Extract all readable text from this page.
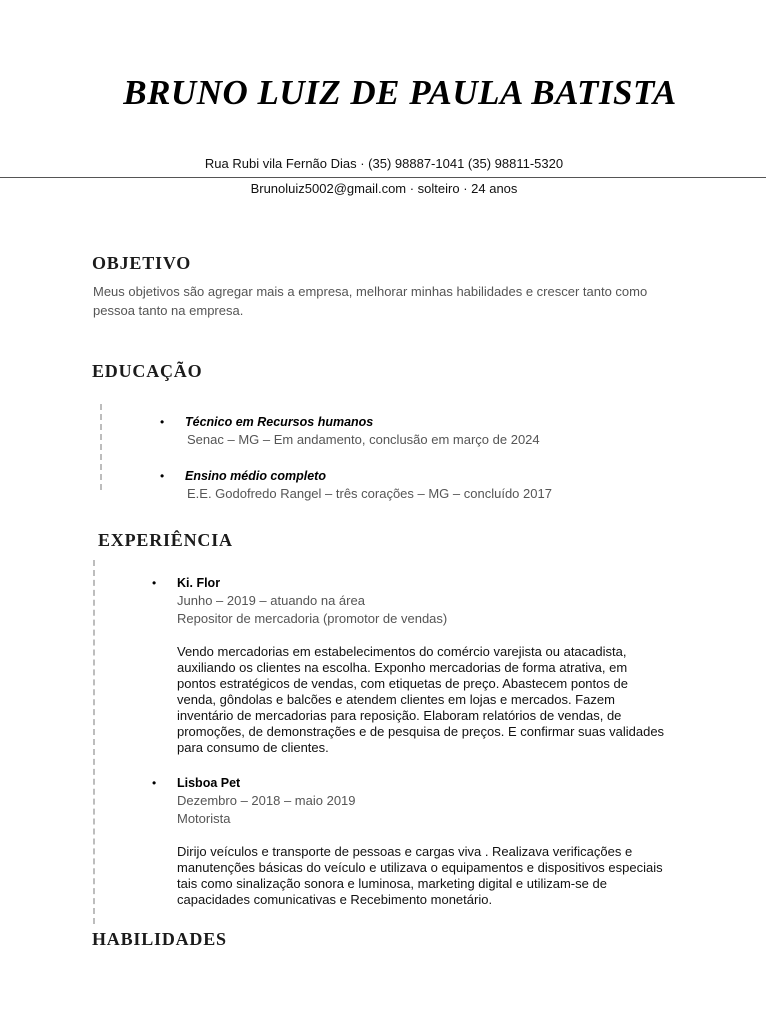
BRUNO LUIZ DE PAULA BATISTA
Rua Rubi vila Fernão Dias · (35) 98887-1041 (35) 98811-5320
Brunoluiz5002@gmail.com · solteiro · 24 anos
OBJETIVO
Meus objetivos são agregar mais a empresa, melhorar minhas habilidades e crescer tanto como pessoa tanto na empresa.
EDUCAÇÃO
• Técnico em Recursos humanos
Senac – MG – Em andamento, conclusão em março de 2024
• Ensino médio completo
E.E. Godofredo Rangel – três corações – MG – concluído 2017
EXPERIÊNCIA
• Ki. Flor
Junho – 2019 – atuando na área
Repositor de mercadoria (promotor de vendas)
Vendo mercadorias em estabelecimentos do comércio varejista ou atacadista, auxiliando os clientes na escolha. Exponho mercadorias de forma atrativa, em pontos estratégicos de vendas, com etiquetas de preço. Abastecem pontos de venda, gôndolas e balcões e atendem clientes em lojas e mercados. Fazem inventário de mercadorias para reposição. Elaboram relatórios de vendas, de promoções, de demonstrações e de pesquisa de preços. E confirmar suas validades para consumo de clientes.
• Lisboa Pet
Dezembro – 2018 – maio 2019
Motorista
Dirijo veículos e transporte de pessoas e cargas viva . Realizava verificações e manutenções básicas do veículo e utilizava o equipamentos e dispositivos especiais tais como sinalização sonora e luminosa, marketing digital e utilizam-se de capacidades comunicativas e Recebimento monetário.
HABILIDADES
